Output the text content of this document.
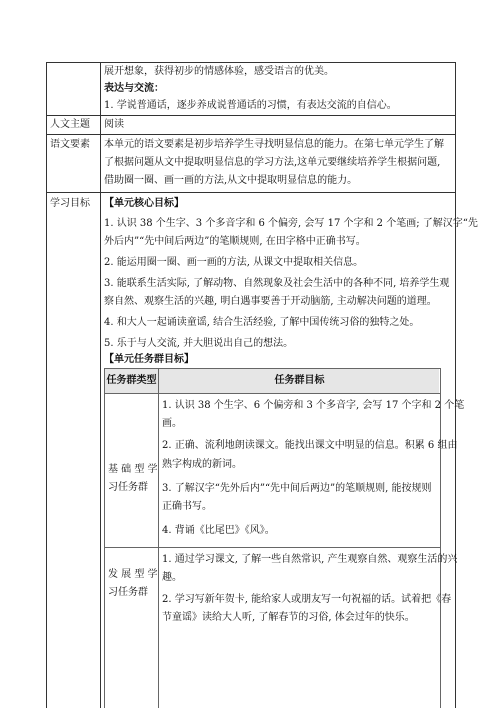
展开想象，获得初步的情感体验，感受语言的优美。
表达与交流：
1. 学说普通话，逐步养成说普通话的习惯，有表达交流的自信心。
人文主题 阅读
语文要素 本单元的语文要素是初步培养学生寻找明显信息的能力。在第七单元学生了解
了根据问题从文中提取明显信息的学习方法,这单元要继续培养学生根据问题,
借助圈一圈、画一画的方法,从文中提取明显信息的能力。
学习目标 【单元核心目标】
1. 认识 38 个生字、3 个多音字和 6 个偏旁, 会写 17 个字和 2 个笔画; 了解汉字“先
外后内”“先中间后两边”的笔顺规则, 在田字格中正确书写。
2. 能运用圈一圈、画一画的方法, 从课文中提取相关信息。
3. 能联系生活实际, 了解动物、自然现象及社会生活中的各种不同, 培养学生观
察自然、观察生活的兴趣, 明白遇事要善于开动脑筋, 主动解决问题的道理。
4. 和大人一起诵读童谣, 结合生活经验, 了解中国传统习俗的独特之处。
5. 乐于与人交流, 并大胆说出自己的想法。
【单元任务群目标】
任务群类型	任务群目标
基 础 型 学
习任务群
1. 认识 38 个生字、6 个偏旁和 3 个多音字, 会写 17 个字和 2 个笔
画。
2. 正确、流利地朗读课文。能找出课文中明显的信息。积累 6 组由
熟字构成的新词。
3. 了解汉字“先外后内”“先中间后两边”的笔顺规则, 能按规则
正确书写。
4. 背诵《比尾巴》《风》。
发 展 型 学
习任务群
1. 通过学习课文, 了解一些自然常识, 产生观察自然、观察生活的兴
趣。
2. 学习写新年贺卡, 能给家人或朋友写一句祝福的话。试着把《春
节童谣》读给大人听, 了解春节的习俗, 体会过年的快乐。
